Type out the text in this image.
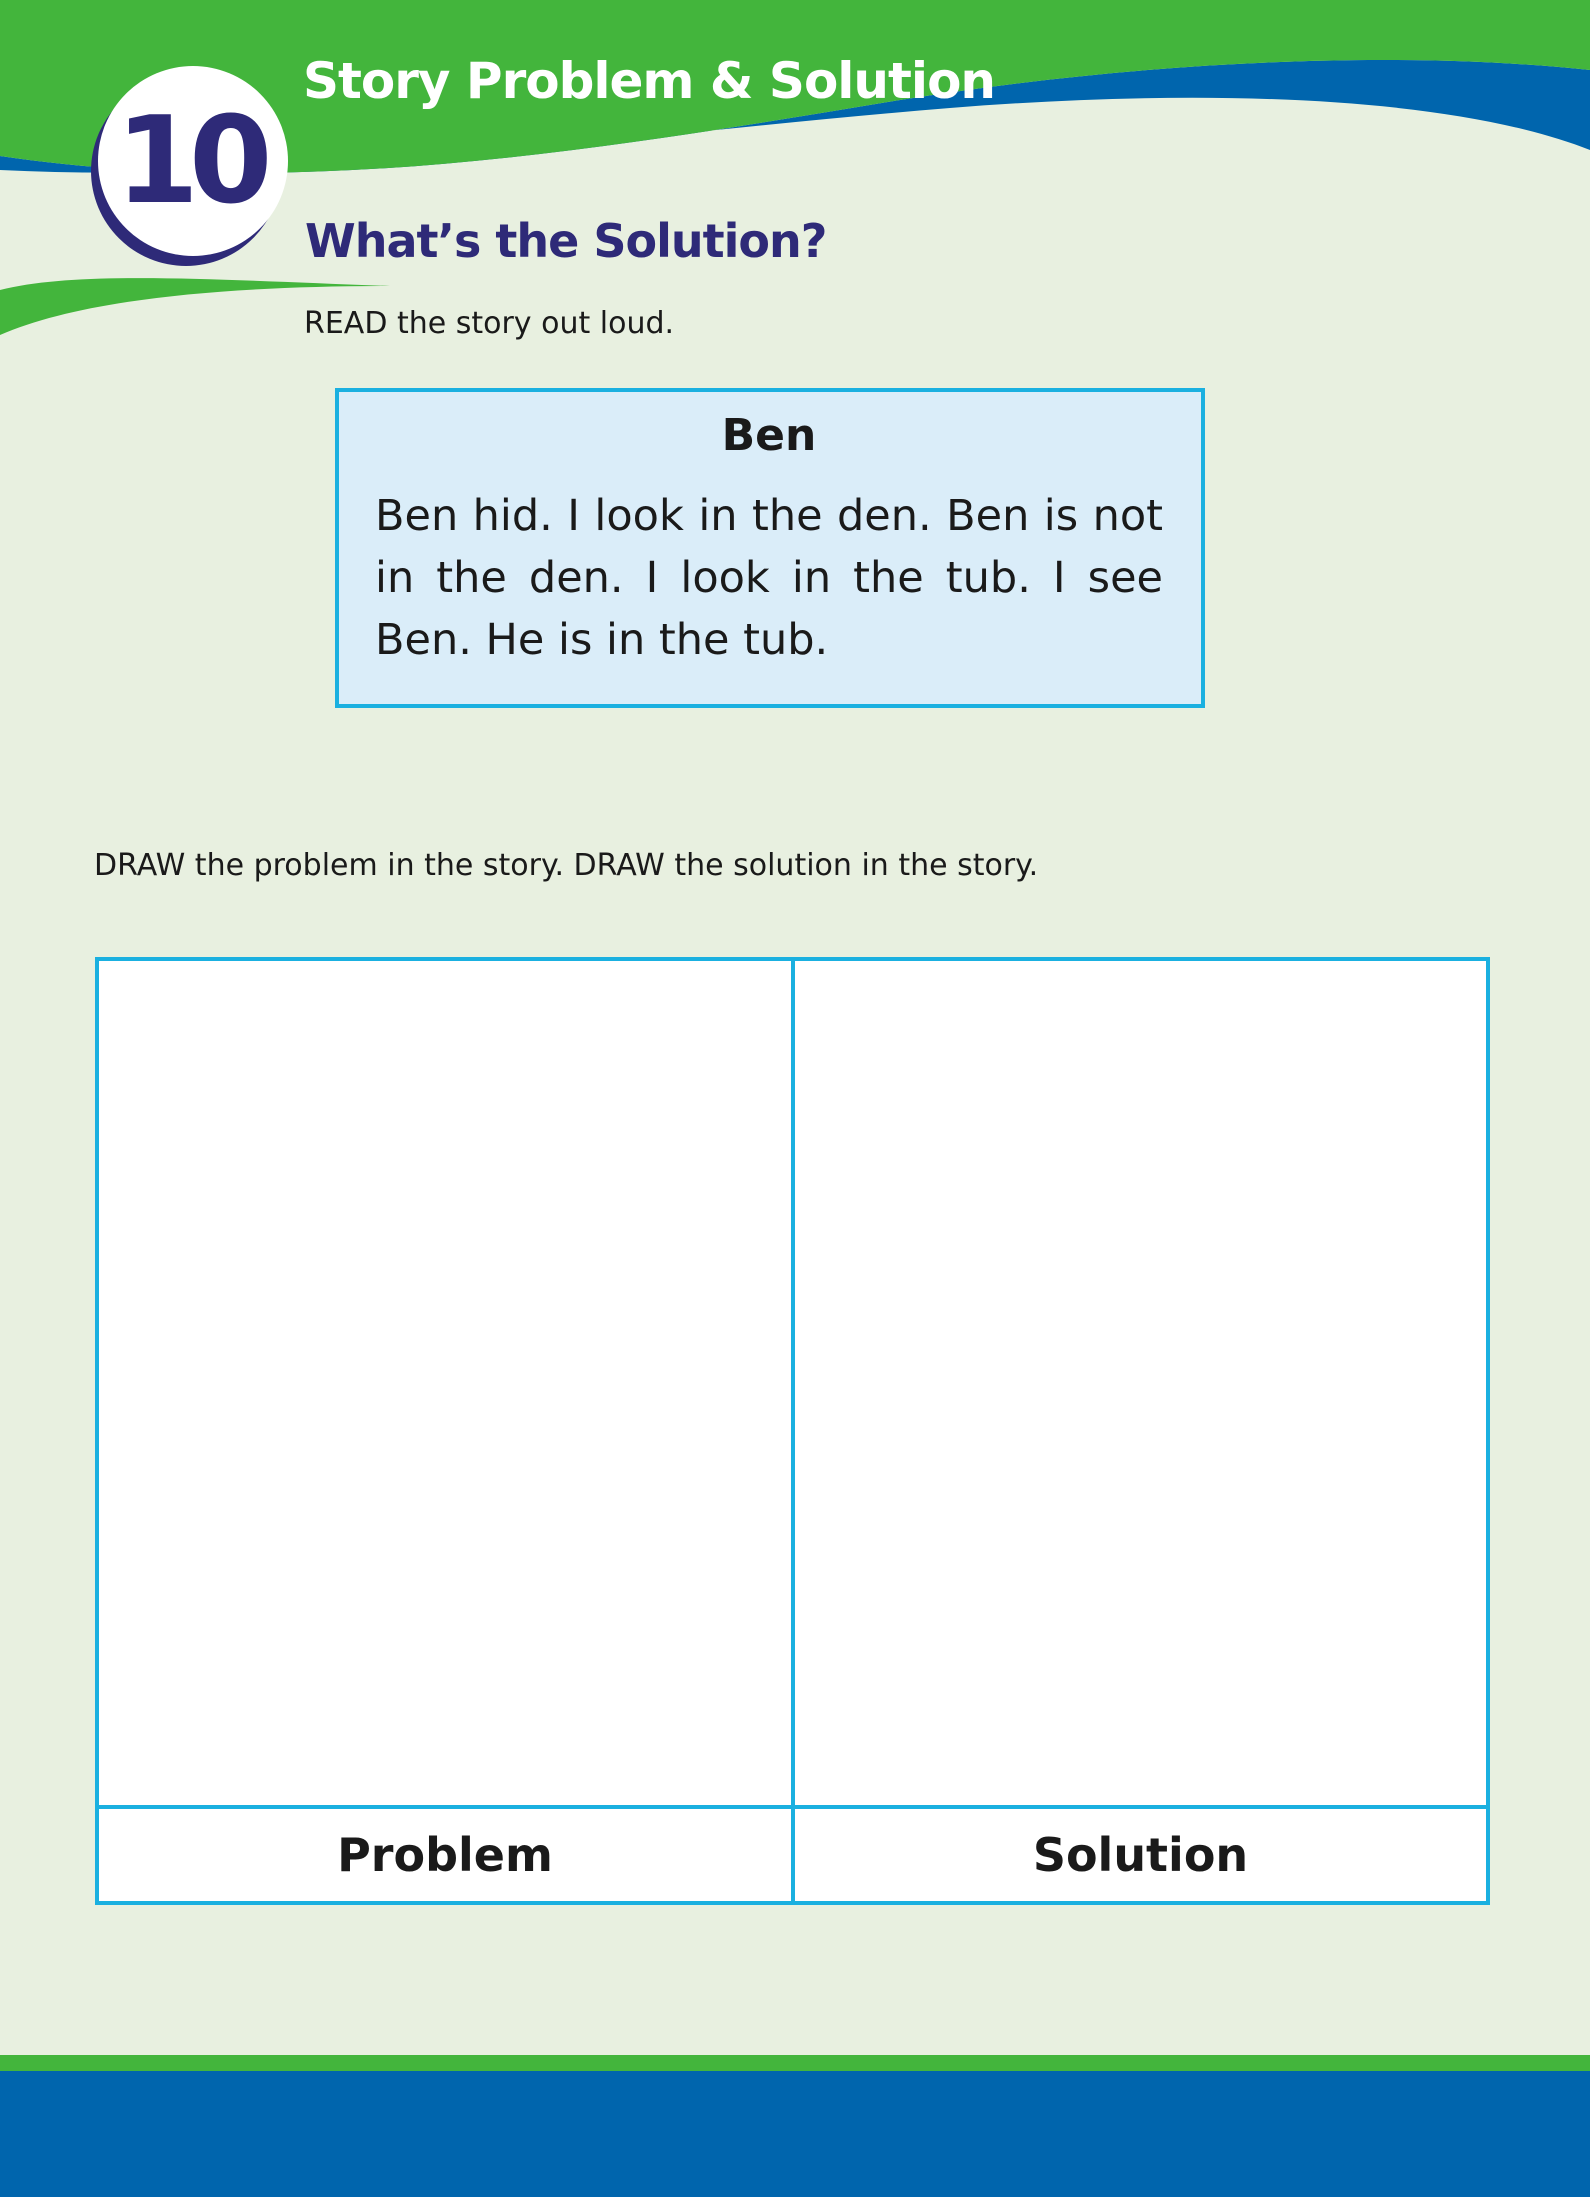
10
Story Problem & Solution
What’s the Solution?
READ the story out loud.
Ben
Ben hid. I look in the den. Ben is not in the den. I look in the tub. I see Ben. He is in the tub.
DRAW the problem in the story. DRAW the solution in the story.
Problem	Solution
